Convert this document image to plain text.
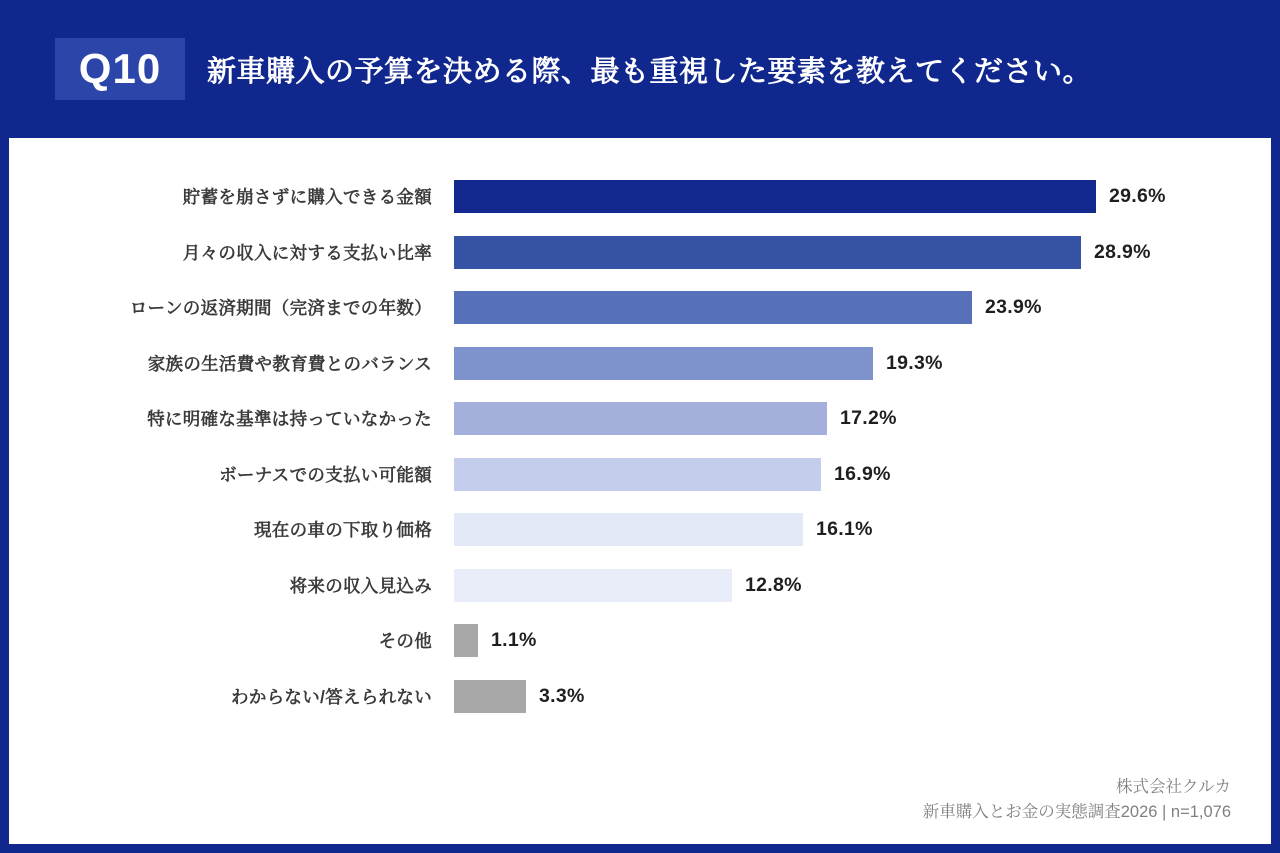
Q10 新車購入の予算を決める際、最も重視した要素を教えてください。
貯蓄を崩さずに購入できる金額	29.6%
月々の収入に対する支払い比率	28.9%
ローンの返済期間（完済までの年数）	23.9%
家族の生活費や教育費とのバランス	19.3%
特に明確な基準は持っていなかった	17.2%
ボーナスでの支払い可能額	16.9%
現在の車の下取り価格	16.1%
将来の収入見込み	12.8%
その他	1.1%
わからない/答えられない	3.3%
株式会社クルカ
新車購入とお金の実態調査2026 | n=1,076
